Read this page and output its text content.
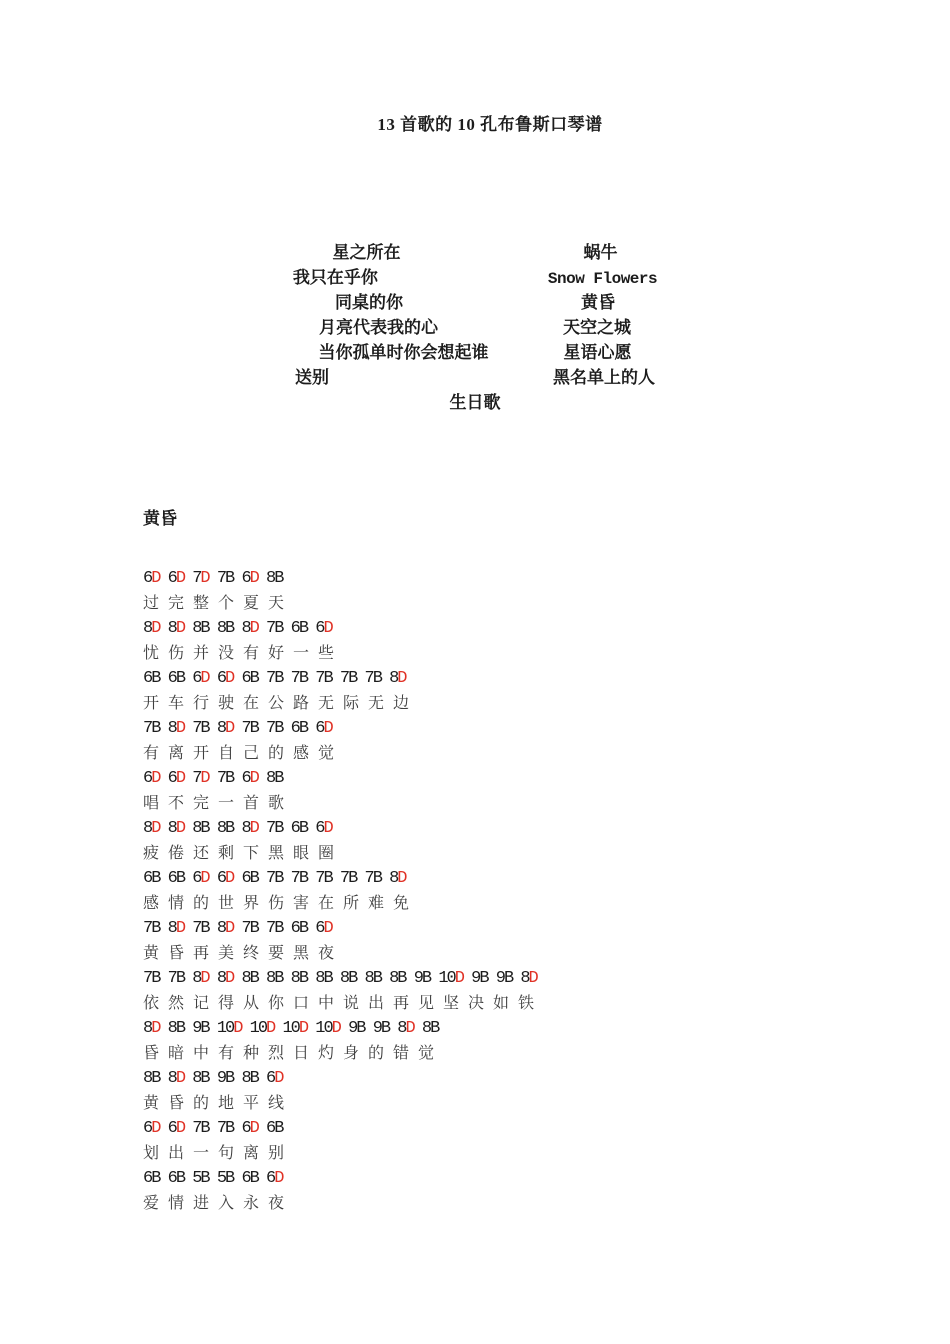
13 首歌的 10 孔布鲁斯口琴谱
星之所在	蜗牛
我只在乎你	Snow Flowers
同桌的你	黄昏
月亮代表我的心	天空之城
当你孤单时你会想起谁	星语心愿
送别	黑名单上的人
生日歌
黄昏
6D 6D 7D 7B 6D 8B
过 完 整 个 夏 天
8D 8D 8B 8B 8D 7B 6B 6D
忧 伤 并 没 有 好 一 些
6B 6B 6D 6D 6B 7B 7B 7B 7B 7B 8D
开 车 行 驶 在 公 路 无 际 无 边
7B 8D 7B 8D 7B 7B 6B 6D
有 离 开 自 己 的 感 觉
6D 6D 7D 7B 6D 8B
唱 不 完 一 首 歌
8D 8D 8B 8B 8D 7B 6B 6D
疲 倦 还 剩 下 黑 眼 圈
6B 6B 6D 6D 6B 7B 7B 7B 7B 7B 8D
感 情 的 世 界 伤 害 在 所 难 免
7B 8D 7B 8D 7B 7B 6B 6D
黄 昏 再 美 终 要 黑 夜
7B 7B 8D 8D 8B 8B 8B 8B 8B 8B 8B 9B 10D 9B 9B 8D
依 然 记 得 从 你 口 中 说 出 再 见 坚 决 如 铁
8D 8B 9B 10D 10D 10D 10D 9B 9B 8D 8B
昏 暗 中 有 种 烈 日 灼 身 的 错 觉
8B 8D 8B 9B 8B 6D
黄 昏 的 地 平 线
6D 6D 7B 7B 6D 6B
划 出 一 句 离 别
6B 6B 5B 5B 6B 6D
爱 情 进 入 永 夜
